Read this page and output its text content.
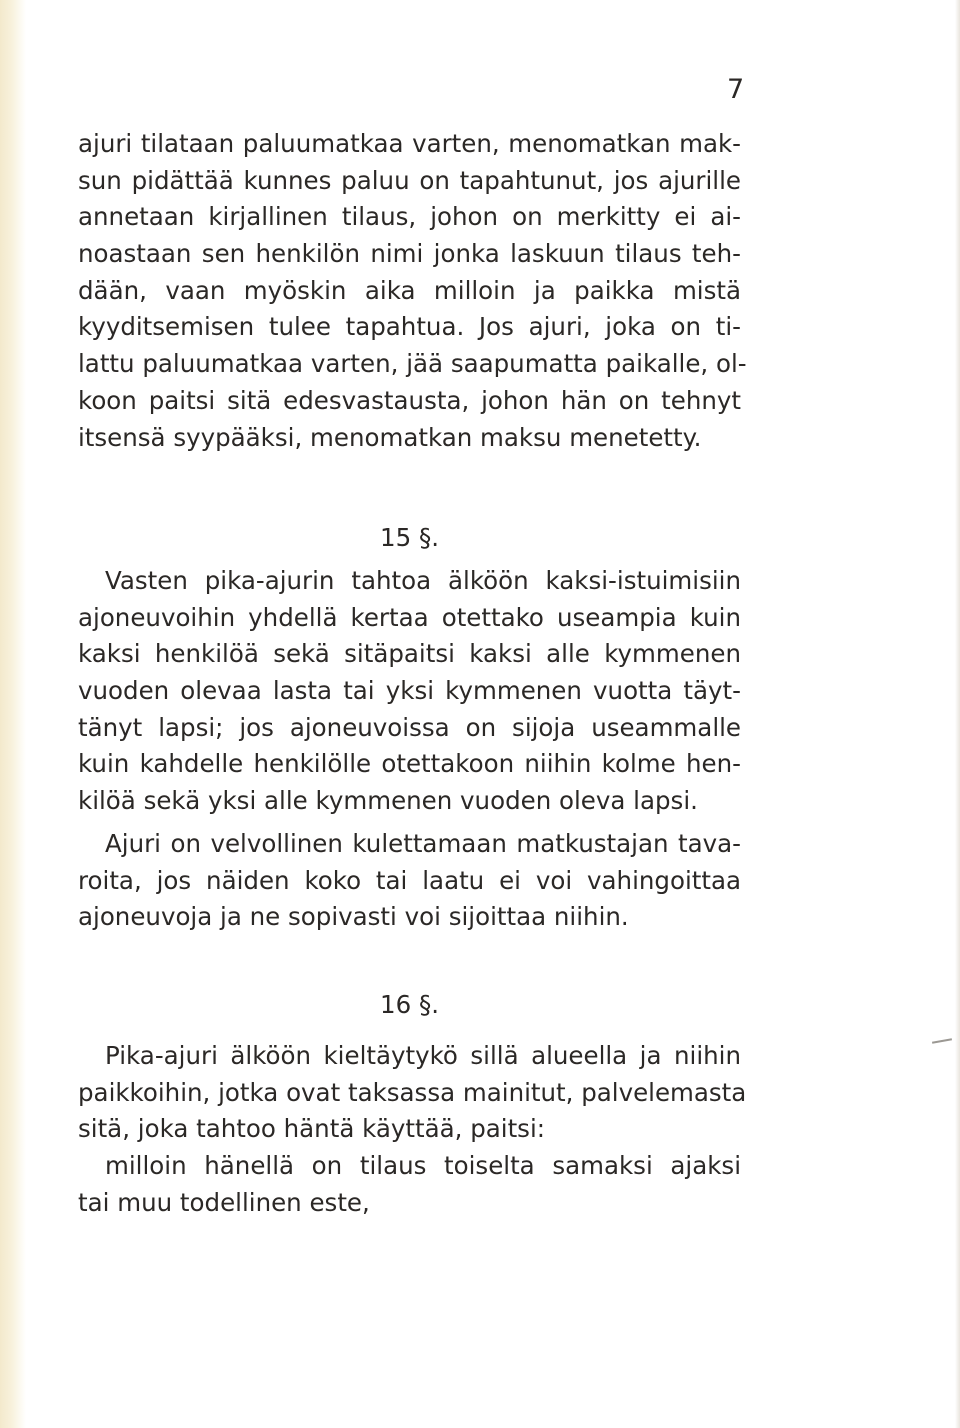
7
ajuri tilataan paluumatkaa varten, menomatkan mak-
sun pidättää kunnes paluu on tapahtunut, jos ajurille
annetaan kirjallinen tilaus, johon on merkitty ei ai-
noastaan sen henkilön nimi jonka laskuun tilaus teh-
dään, vaan myöskin aika milloin ja paikka mistä
kyyditsemisen tulee tapahtua. Jos ajuri, joka on ti-
lattu paluumatkaa varten, jää saapumatta paikalle, ol-
koon paitsi sitä edesvastausta, johon hän on tehnyt
itsensä syypääksi, menomatkan maksu menetetty.
15 §.
Vasten pika-ajurin tahtoa älköön kaksi-istuimisiin
ajoneuvoihin yhdellä kertaa otettako useampia kuin
kaksi henkilöä sekä sitäpaitsi kaksi alle kymmenen
vuoden olevaa lasta tai yksi kymmenen vuotta täyt-
tänyt lapsi; jos ajoneuvoissa on sijoja useammalle
kuin kahdelle henkilölle otettakoon niihin kolme hen-
kilöä sekä yksi alle kymmenen vuoden oleva lapsi.
Ajuri on velvollinen kulettamaan matkustajan tava-
roita, jos näiden koko tai laatu ei voi vahingoittaa
ajoneuvoja ja ne sopivasti voi sijoittaa niihin.
16 §.
Pika-ajuri älköön kieltäytykö sillä alueella ja niihin
paikkoihin, jotka ovat taksassa mainitut, palvelemasta
sitä, joka tahtoo häntä käyttää, paitsi:
milloin hänellä on tilaus toiselta samaksi ajaksi
tai muu todellinen este,
